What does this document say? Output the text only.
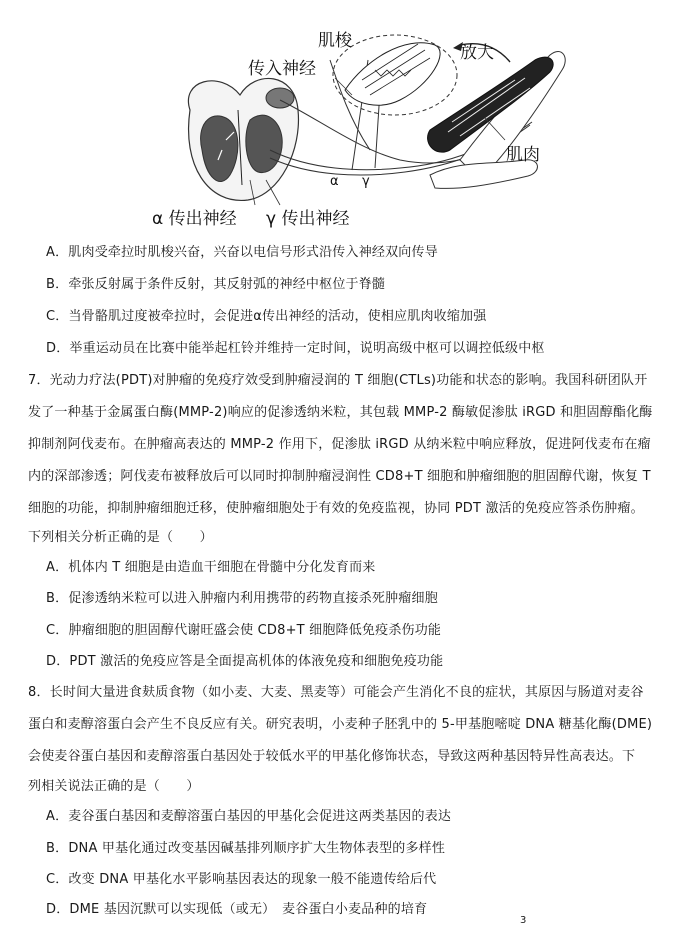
肌梭
传入神经
放大
肌肉
α γ
α 传出神经 γ 传出神经
A．肌肉受牵拉时肌梭兴奋，兴奋以电信号形式沿传入神经双向传导
B．牵张反射属于条件反射，其反射弧的神经中枢位于脊髓
C．当骨骼肌过度被牵拉时，会促进α传出神经的活动，使相应肌肉收缩加强
D．举重运动员在比赛中能举起杠铃并维持一定时间，说明高级中枢可以调控低级中枢
7．光动力疗法(PDT)对肿瘤的免疫疗效受到肿瘤浸润的 T 细胞(CTLs)功能和状态的影响。我国科研团队开
发了一种基于金属蛋白酶(MMP-2)响应的促渗透纳米粒，其包载 MMP-2 酶敏促渗肽 iRGD 和胆固醇酯化酶
抑制剂阿伐麦布。在肿瘤高表达的 MMP-2 作用下，促渗肽 iRGD 从纳米粒中响应释放，促进阿伐麦布在瘤
内的深部渗透；阿伐麦布被释放后可以同时抑制肿瘤浸润性 CD8+T 细胞和肿瘤细胞的胆固醇代谢，恢复 T
细胞的功能，抑制肿瘤细胞迁移，使肿瘤细胞处于有效的免疫监视，协同 PDT 激活的免疫应答杀伤肿瘤。
下列相关分析正确的是（　　）
A．机体内 T 细胞是由造血干细胞在骨髓中分化发育而来
B．促渗透纳米粒可以进入肿瘤内利用携带的药物直接杀死肿瘤细胞
C．肿瘤细胞的胆固醇代谢旺盛会使 CD8+T 细胞降低免疫杀伤功能
D．PDT 激活的免疫应答是全面提高机体的体液免疫和细胞免疫功能
8．长时间大量进食麸质食物（如小麦、大麦、黑麦等）可能会产生消化不良的症状，其原因与肠道对麦谷
蛋白和麦醇溶蛋白会产生不良反应有关。研究表明，小麦种子胚乳中的 5-甲基胞嘧啶 DNA 糖基化酶(DME)
会使麦谷蛋白基因和麦醇溶蛋白基因处于较低水平的甲基化修饰状态，导致这两种基因特异性高表达。下
列相关说法正确的是（　　）
A．麦谷蛋白基因和麦醇溶蛋白基因的甲基化会促进这两类基因的表达
B．DNA 甲基化通过改变基因碱基排列顺序扩大生物体表型的多样性
C．改变 DNA 甲基化水平影响基因表达的现象一般不能遗传给后代
D．DME 基因沉默可以实现低（或无）　麦谷蛋白小麦品种的培育
3
